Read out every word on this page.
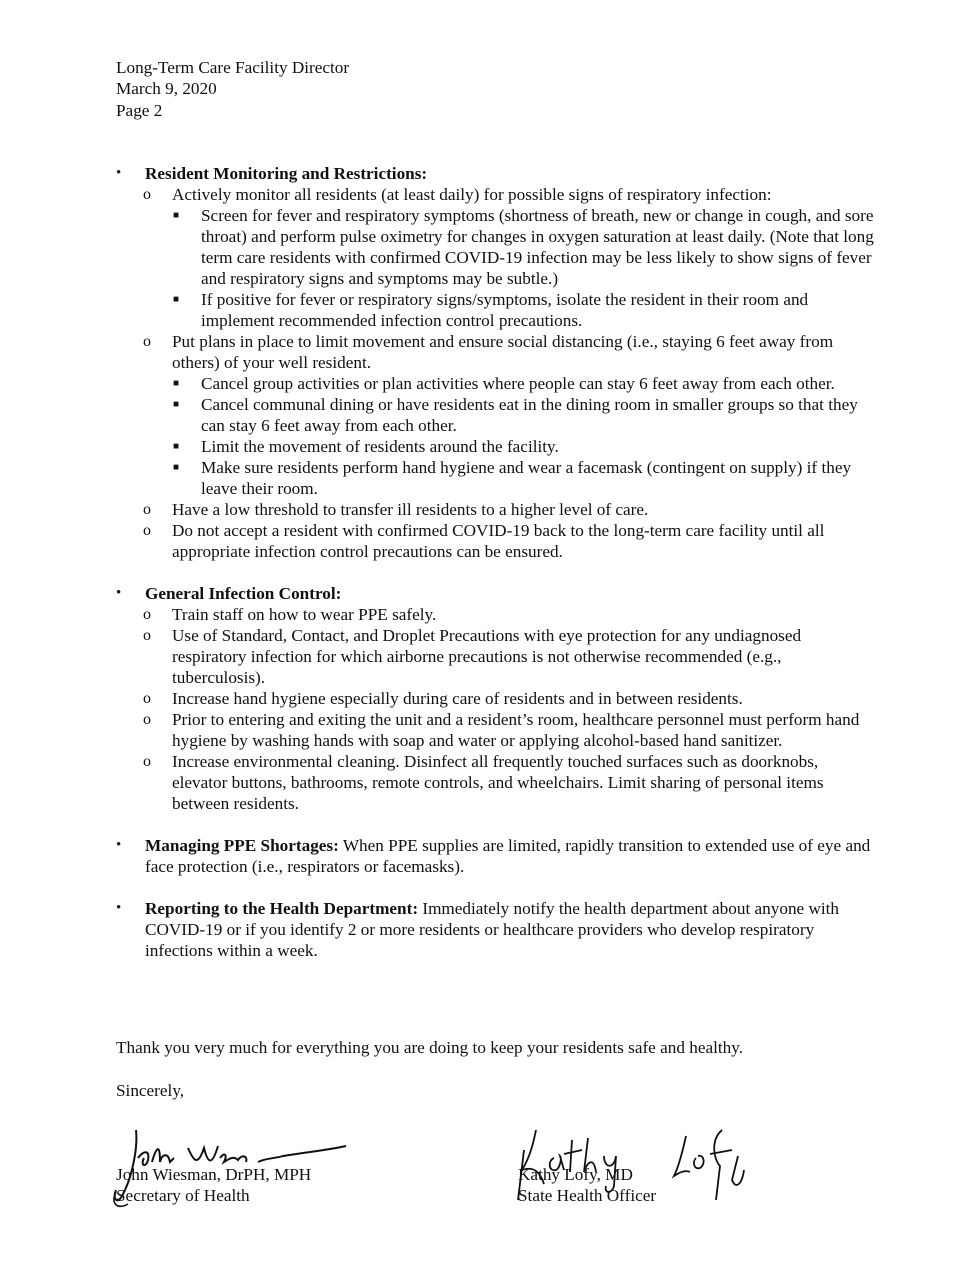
Long-Term Care Facility Director
March 9, 2020
Page 2
• Resident Monitoring and Restrictions:
o Actively monitor all residents (at least daily) for possible signs of respiratory infection:
■ Screen for fever and respiratory symptoms (shortness of breath, new or change in cough, and sore throat) and perform pulse oximetry for changes in oxygen saturation at least daily. (Note that long term care residents with confirmed COVID-19 infection may be less likely to show signs of fever and respiratory signs and symptoms may be subtle.)
■ If positive for fever or respiratory signs/symptoms, isolate the resident in their room and implement recommended infection control precautions.
o Put plans in place to limit movement and ensure social distancing (i.e., staying 6 feet away from others) of your well resident.
■ Cancel group activities or plan activities where people can stay 6 feet away from each other.
■ Cancel communal dining or have residents eat in the dining room in smaller groups so that they can stay 6 feet away from each other.
■ Limit the movement of residents around the facility.
■ Make sure residents perform hand hygiene and wear a facemask (contingent on supply) if they leave their room.
o Have a low threshold to transfer ill residents to a higher level of care.
o Do not accept a resident with confirmed COVID-19 back to the long-term care facility until all appropriate infection control precautions can be ensured.
• General Infection Control:
o Train staff on how to wear PPE safely.
o Use of Standard, Contact, and Droplet Precautions with eye protection for any undiagnosed respiratory infection for which airborne precautions is not otherwise recommended (e.g., tuberculosis).
o Increase hand hygiene especially during care of residents and in between residents.
o Prior to entering and exiting the unit and a resident’s room, healthcare personnel must perform hand hygiene by washing hands with soap and water or applying alcohol-based hand sanitizer.
o Increase environmental cleaning. Disinfect all frequently touched surfaces such as doorknobs, elevator buttons, bathrooms, remote controls, and wheelchairs. Limit sharing of personal items between residents.
• Managing PPE Shortages: When PPE supplies are limited, rapidly transition to extended use of eye and face protection (i.e., respirators or facemasks).
• Reporting to the Health Department: Immediately notify the health department about anyone with COVID-19 or if you identify 2 or more residents or healthcare providers who develop respiratory infections within a week.
Thank you very much for everything you are doing to keep your residents safe and healthy.
Sincerely,
John Wiesman, DrPH, MPH
Secretary of Health
Kathy Lofy, MD
State Health Officer
